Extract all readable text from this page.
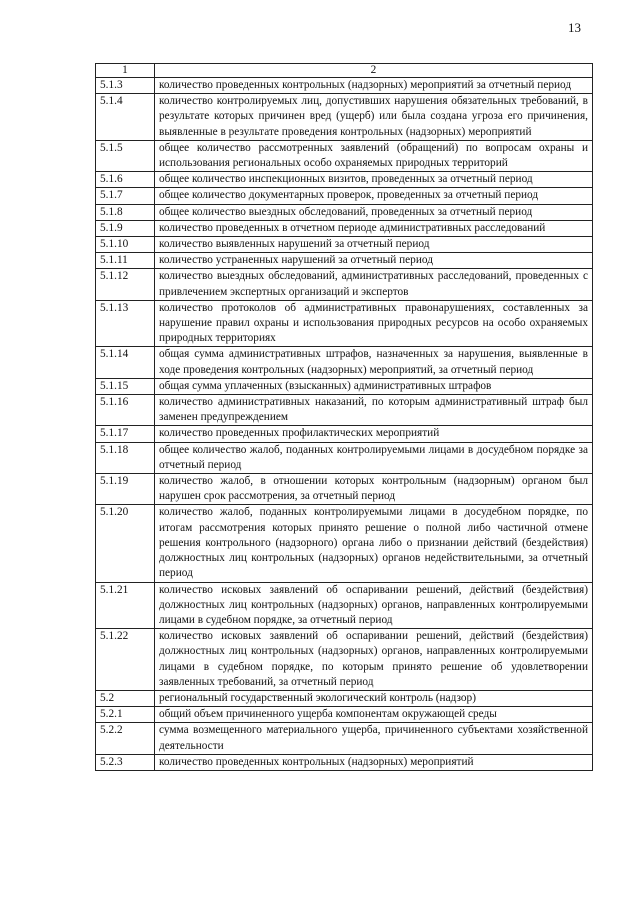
13
1	2
5.1.3	количество проведенных контрольных (надзорных) мероприятий за отчетный период
5.1.4	количество контролируемых лиц, допустивших нарушения обязательных требований, в результате которых причинен вред (ущерб) или была создана угроза его причинения, выявленные в результате проведения контрольных (надзорных) мероприятий
5.1.5	общее количество рассмотренных заявлений (обращений) по вопросам охраны и использования региональных особо охраняемых природных территорий
5.1.6	общее количество инспекционных визитов, проведенных за отчетный период
5.1.7	общее количество документарных проверок, проведенных за отчетный период
5.1.8	общее количество выездных обследований, проведенных за отчетный период
5.1.9	количество проведенных в отчетном периоде административных расследований
5.1.10	количество выявленных нарушений за отчетный период
5.1.11	количество устраненных нарушений за отчетный период
5.1.12	количество выездных обследований, административных расследований, проведенных с привлечением экспертных организаций и экспертов
5.1.13	количество протоколов об административных правонарушениях, составленных за нарушение правил охраны и использования природных ресурсов на особо охраняемых природных территориях
5.1.14	общая сумма административных штрафов, назначенных за нарушения, выявленные в ходе проведения контрольных (надзорных) мероприятий, за отчетный период
5.1.15	общая сумма уплаченных (взысканных) административных штрафов
5.1.16	количество административных наказаний, по которым административный штраф был заменен предупреждением
5.1.17	количество проведенных профилактических мероприятий
5.1.18	общее количество жалоб, поданных контролируемыми лицами в досудебном порядке за отчетный период
5.1.19	количество жалоб, в отношении которых контрольным (надзорным) органом был нарушен срок рассмотрения, за отчетный период
5.1.20	количество жалоб, поданных контролируемыми лицами в досудебном порядке, по итогам рассмотрения которых принято решение о полной либо частичной отмене решения контрольного (надзорного) органа либо о признании действий (бездействия) должностных лиц контрольных (надзорных) органов недействительными, за отчетный период
5.1.21	количество исковых заявлений об оспаривании решений, действий (бездействия) должностных лиц контрольных (надзорных) органов, направленных контролируемыми лицами в судебном порядке, за отчетный период
5.1.22	количество исковых заявлений об оспаривании решений, действий (бездействия) должностных лиц контрольных (надзорных) органов, направленных контролируемыми лицами в судебном порядке, по которым принято решение об удовлетворении заявленных требований, за отчетный период
5.2	региональный государственный экологический контроль (надзор)
5.2.1	общий объем причиненного ущерба компонентам окружающей среды
5.2.2	сумма возмещенного материального ущерба, причиненного субъектами хозяйственной деятельности
5.2.3	количество проведенных контрольных (надзорных) мероприятий
